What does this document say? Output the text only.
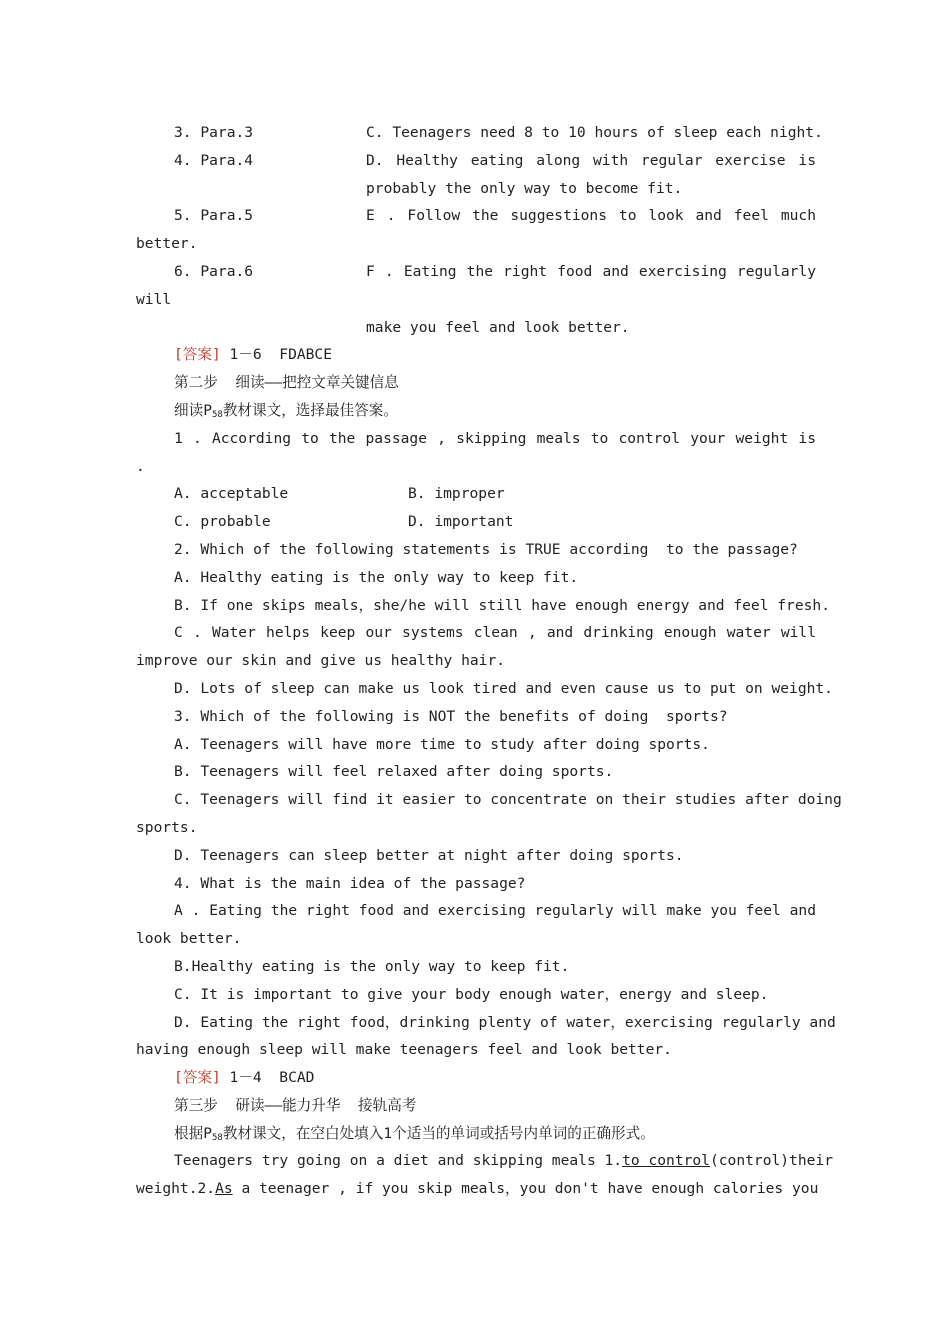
3. Para.3	C. Teenagers need 8 to 10 hours of sleep each night.
4. Para.4	D. Healthy eating along with regular exercise is
probably the only way to become fit.
5. Para.5	E . Follow the suggestions to look and feel much
better.
6. Para.6	F . Eating the right food and exercising regularly
will
make you feel and look better.
[答案] 1－6  FDABCE
第二步  细读——把控文章关键信息
细读$P_{58}$教材课文，选择最佳答案。
1 . According to the passage , skipping meals to control your weight is
.
A. acceptable	B. improper
C. probable	D. important
2. Which of the following statements is TRUE according  to the passage?
A. Healthy eating is the only way to keep fit.
B. If one skips meals，she/he will still have enough energy and feel fresh.
C . Water helps keep our systems clean , and drinking enough water will
improve our skin and give us healthy hair.
D. Lots of sleep can make us look tired and even cause us to put on weight.
3. Which of the following is NOT the benefits of doing  sports?
A. Teenagers will have more time to study after doing sports.
B. Teenagers will feel relaxed after doing sports.
C. Teenagers will find it easier to concentrate on their studies after doing
sports.
D. Teenagers can sleep better at night after doing sports.
4. What is the main idea of the passage?
A . Eating the right food and exercising regularly will make you feel and
look better.
B.Healthy eating is the only way to keep fit.
C. It is important to give your body enough water，energy and sleep.
D. Eating the right food，drinking plenty of water，exercising regularly and
having enough sleep will make teenagers feel and look better.
[答案] 1－4  BCAD
第三步  研读——能力升华  接轨高考
根据$P_{58}$教材课文，在空白处填入1个适当的单词或括号内单词的正确形式。
Teenagers try going on a diet and skipping meals 1.to control(control)their
weight.2.As a teenager , if you skip meals，you don't have enough calories you
